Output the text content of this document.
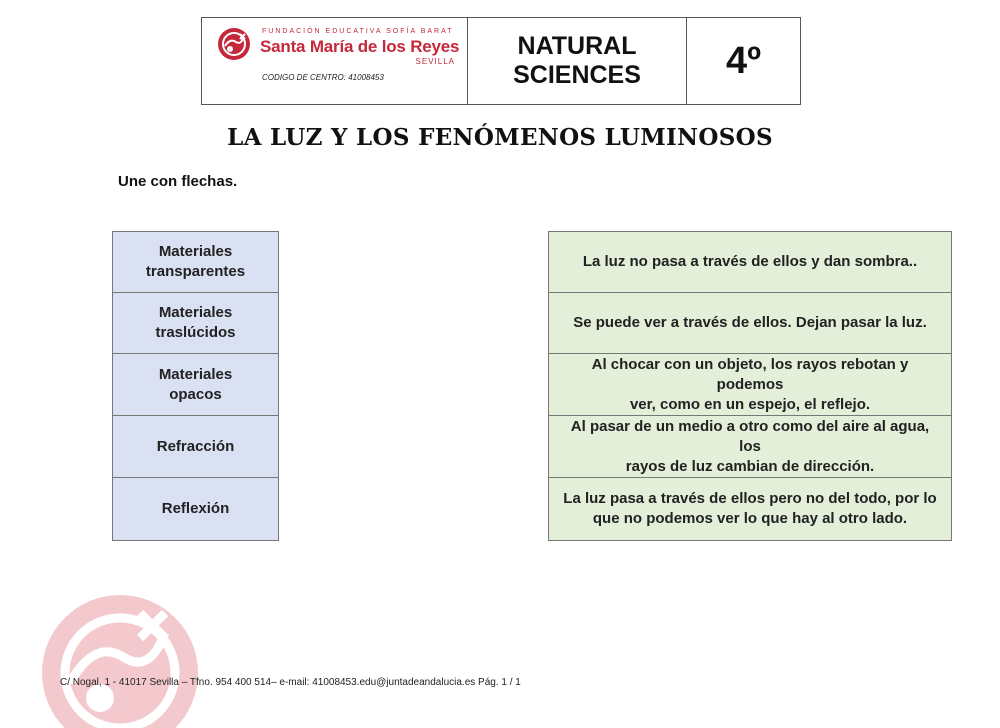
FUNDACIÓN EDUCATIVA SOFÍA BARAT
Santa María de los Reyes
SEVILLA
CODIGO DE CENTRO: 41008453
NATURAL
SCIENCES 4º
LA LUZ Y LOS FENÓMENOS LUMINOSOS
Une con flechas.
Materiales
transparentes
Materiales
traslúcidos
Materiales
opacos
Refracción
Reflexión
La luz no pasa a través de ellos y dan sombra..
Se puede ver a través de ellos. Dejan pasar la luz.
Al chocar con un objeto, los rayos rebotan y podemos
ver, como en un espejo, el reflejo.
Al pasar de un medio a otro como del aire al agua, los
rayos de luz cambian de dirección.
La luz pasa a través de ellos pero no del todo, por lo
que no podemos ver lo que hay al otro lado.
C/ Nogal, 1 - 41017 Sevilla – Tfno. 954 400 514– e-mail: 41008453.edu@juntadeandalucia.es Pág. 1 / 1
